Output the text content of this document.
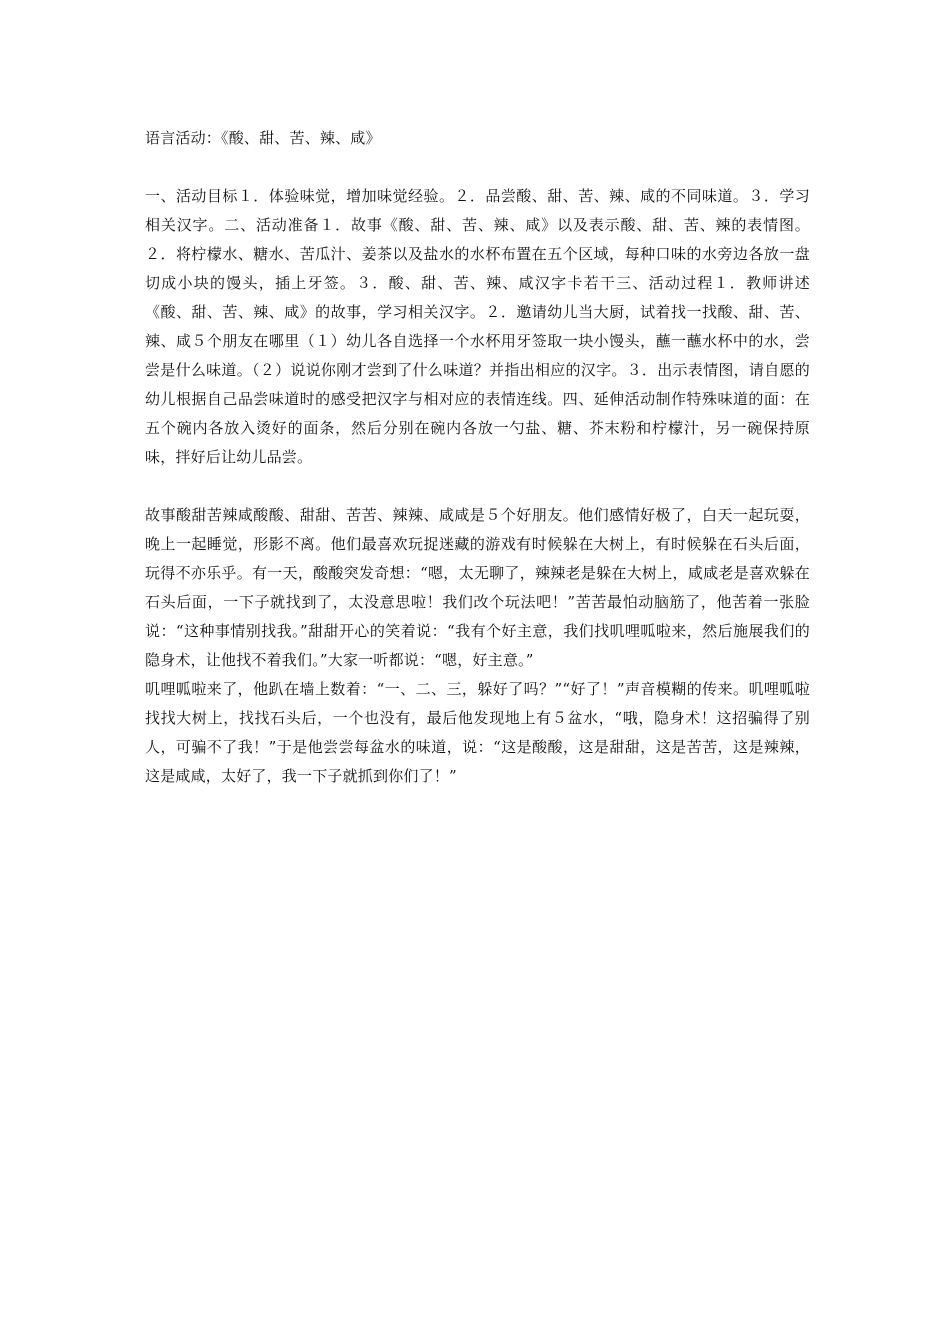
语言活动：《酸、甜、苦、辣、咸》

一、活动目标１．体验味觉，增加味觉经验。２．品尝酸、甜、苦、辣、咸的不同味道。３．学习相关汉字。二、活动准备１．故事《酸、甜、苦、辣、咸》以及表示酸、甜、苦、辣的表情图。２．将柠檬水、糖水、苦瓜汁、姜茶以及盐水的水杯布置在五个区域，每种口味的水旁边各放一盘切成小块的馒头，插上牙签。３．酸、甜、苦、辣、咸汉字卡若干三、活动过程１．教师讲述《酸、甜、苦、辣、咸》的故事，学习相关汉字。２．邀请幼儿当大厨，试着找一找酸、甜、苦、辣、咸５个朋友在哪里（１）幼儿各自选择一个水杯用牙签取一块小馒头，蘸一蘸水杯中的水，尝尝是什么味道。（２）说说你刚才尝到了什么味道？并指出相应的汉字。３．出示表情图，请自愿的幼儿根据自己品尝味道时的感受把汉字与相对应的表情连线。四、延伸活动制作特殊味道的面：在五个碗内各放入烫好的面条，然后分别在碗内各放一勺盐、糖、芥末粉和柠檬汁，另一碗保持原味，拌好后让幼儿品尝。

故事酸甜苦辣咸酸酸、甜甜、苦苦、辣辣、咸咸是５个好朋友。他们感情好极了，白天一起玩耍，晚上一起睡觉，形影不离。他们最喜欢玩捉迷藏的游戏有时候躲在大树上，有时候躲在石头后面，玩得不亦乐乎。有一天，酸酸突发奇想：“嗯，太无聊了，辣辣老是躲在大树上，咸咸老是喜欢躲在石头后面，一下子就找到了，太没意思啦！我们改个玩法吧！”苦苦最怕动脑筋了，他苦着一张脸说：“这种事情别找我。”甜甜开心的笑着说：“我有个好主意，我们找叽哩呱啦来，然后施展我们的隐身术，让他找不着我们。”大家一听都说：“嗯，好主意。”

叽哩呱啦来了，他趴在墙上数着：“一、二、三，躲好了吗？”“好了！”声音模糊的传来。叽哩呱啦找找大树上，找找石头后，一个也没有，最后他发现地上有５盆水，“哦，隐身术！这招骗得了别人，可骗不了我！”于是他尝尝每盆水的味道，说：“这是酸酸，这是甜甜，这是苦苦，这是辣辣，这是咸咸，太好了，我一下子就抓到你们了！”
